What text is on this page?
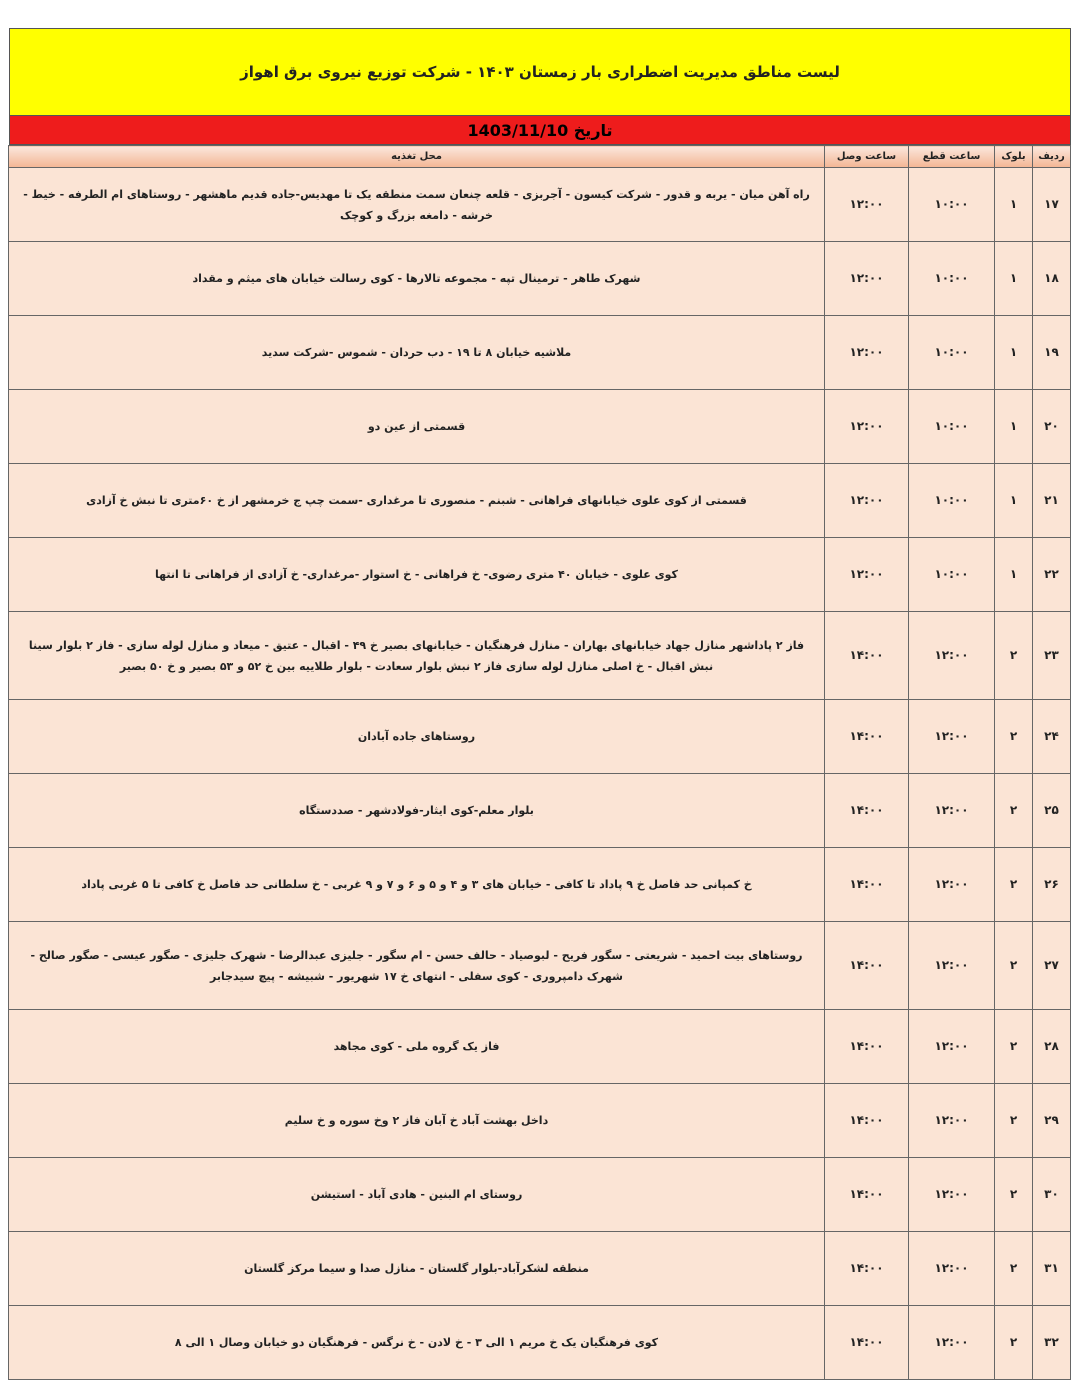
لیست مناطق مدیریت اضطراری بار زمستان ۱۴۰۳ - شرکت توزیع نیروی برق اهواز
تاریخ 1403/11/10
ردیف	بلوک	ساعت قطع	ساعت وصل	محل تغذیه
۱۷	۱	۱۰:۰۰	۱۲:۰۰	راه آهن میان - یربه و قدور - شرکت کیسون - آجربزی - قلعه چنعان سمت منطقه یک تا مهدیس-جاده قدیم ماهشهر - روستاهای ام الطرفه - خیط - خرشه - دامغه بزرگ و کوچک
۱۸	۱	۱۰:۰۰	۱۲:۰۰	شهرک طاهر - ترمینال تپه - مجموعه تالارها - کوی رسالت خیابان های میثم و مقداد
۱۹	۱	۱۰:۰۰	۱۲:۰۰	ملاشیه خیابان ۸ تا ۱۹ - دب حردان - شموس -شرکت سدید
۲۰	۱	۱۰:۰۰	۱۲:۰۰	قسمتی از عین دو
۲۱	۱	۱۰:۰۰	۱۲:۰۰	قسمتی از کوی علوی خیابانهای فراهانی - شبنم - منصوری تا مرغداری -سمت چپ ج خرمشهر از خ ۶۰متری تا نبش خ آزادی
۲۲	۱	۱۰:۰۰	۱۲:۰۰	کوی علوی - خیابان ۴۰ متری رضوی- خ فراهانی - خ استوار -مرغداری- خ آزادی از فراهانی تا انتها
۲۳	۲	۱۲:۰۰	۱۴:۰۰	فاز ۲ پاداشهر منازل جهاد خیابانهای بهاران - منازل فرهنگیان - خیابانهای بصیر خ ۴۹ - اقبال - عتیق - میعاد و منازل لوله سازی - فاز ۲ بلوار سینا نبش اقبال - خ اصلی منازل لوله سازی فاز ۲ نبش بلوار سعادت - بلوار طلاییه بین خ ۵۲ و ۵۳ بصیر و خ ۵۰ بصیر
۲۴	۲	۱۲:۰۰	۱۴:۰۰	روستاهای جاده آبادان
۲۵	۲	۱۲:۰۰	۱۴:۰۰	بلوار معلم-کوی ایثار-فولادشهر - صددستگاه
۲۶	۲	۱۲:۰۰	۱۴:۰۰	خ کمپانی حد فاصل خ ۹ پاداد تا کافی - خیابان های ۳ و ۴ و ۵ و ۶ و ۷ و ۹ غربی - خ سلطانی حد فاصل خ کافی تا ۵ غربی پاداد
۲۷	۲	۱۲:۰۰	۱۴:۰۰	روستاهای بیت احمید - شریعتی - سگور فریح - لبوصیاد - حالف حسن - ام سگور - جلیزی عبدالرضا - شهرک جلیزی - صگور عیسی - صگور صالح - شهرک دامپروری - کوی سفلی - انتهای خ ۱۷ شهریور - شبیشه - پیچ سیدجابر
۲۸	۲	۱۲:۰۰	۱۴:۰۰	فاز یک گروه ملی - کوی مجاهد
۲۹	۲	۱۲:۰۰	۱۴:۰۰	داخل بهشت آباد خ آبان فاز ۲ وخ سوره و خ سلیم
۳۰	۲	۱۲:۰۰	۱۴:۰۰	روستای ام البنین - هادی آباد - استیشن
۳۱	۲	۱۲:۰۰	۱۴:۰۰	منطقه لشکرآباد-بلوار گلستان - منازل صدا و سیما مرکز گلستان
۳۲	۲	۱۲:۰۰	۱۴:۰۰	کوی فرهنگیان یک خ مریم ۱ الی ۳ - خ لادن - خ نرگس - فرهنگیان دو خیابان وصال ۱ الی ۸
